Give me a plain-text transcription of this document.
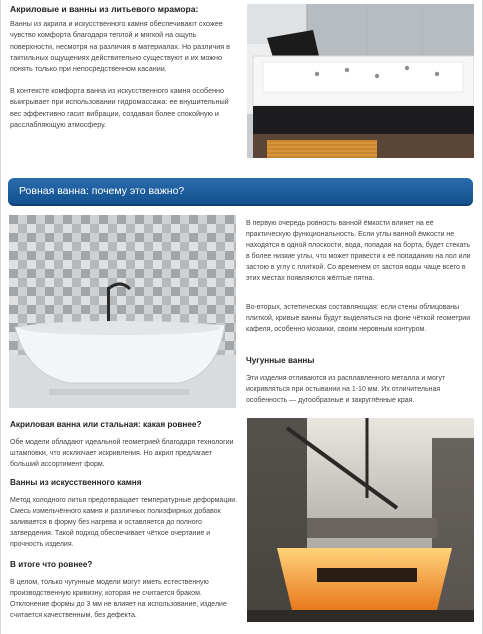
Акриловые и ванны из литьевого мрамора:

Ванны из акрила и искусственного камня обеспечивают схожее чувство комфорта благодаря теплой и мягкой на ощупь поверхности, несмотря на различия в материалах. Но различия в тактильных ощущениях действительно существуют и их можно понять только при непосредственном касании.

В контексте комфорта ванна из искусственного камня особенно выигрывает при использовании гидромассажа: ее внушительный вес эффективно гасит вибрации, создавая более спокойную и расслабляющую атмосферу.

Ровная ванна: почему это важно?

В первую очередь ровность ванной ёмкости влияет на её практическую функциональность. Если углы ванной ёмкости не находятся в одной плоскости, вода, попадая на борта, будет стекать в более низкие углы, что может привести к её попаданию на пол или застою в углу с плиткой. Со временем от застоя воды чаще всего в этих местах появляются жёлтые пятна.

Во-вторых, эстетическая составляющая: если стены облицованы плиткой, кривые ванны будут выделяться на фоне чёткой геометрии кафеля, особенно мозаики, своим неровным контуром.

Чугунные ванны

Эти изделия отливаются из расплавленного металла и могут искривляться при остывании на 1-10 мм. Их отличительная особенность — дугообразные и закруглённые края.

Акриловая ванна или стальная: какая ровнее?

Обе модели обладают идеальной геометрией благодаря технологии штамповки, что исключает искривления. Но акрил предлагает больший ассортимент форм.

Ванны из искусственного камня

Метод холодного литья предотвращает температурные деформации. Смесь измельчённого камня и различных полиэфирных добавок заливается в форму без нагрева и оставляется до полного затвердения. Такой подход обеспечивает чёткое очертание и прочность изделия.

В итоге что ровнее?

В целом, только чугунные модели могут иметь естественную производственную кривизну, которая не считается браком. Отклонение формы до 3 мм не влияет на использование, изделие считается качественным, без дефекта.
